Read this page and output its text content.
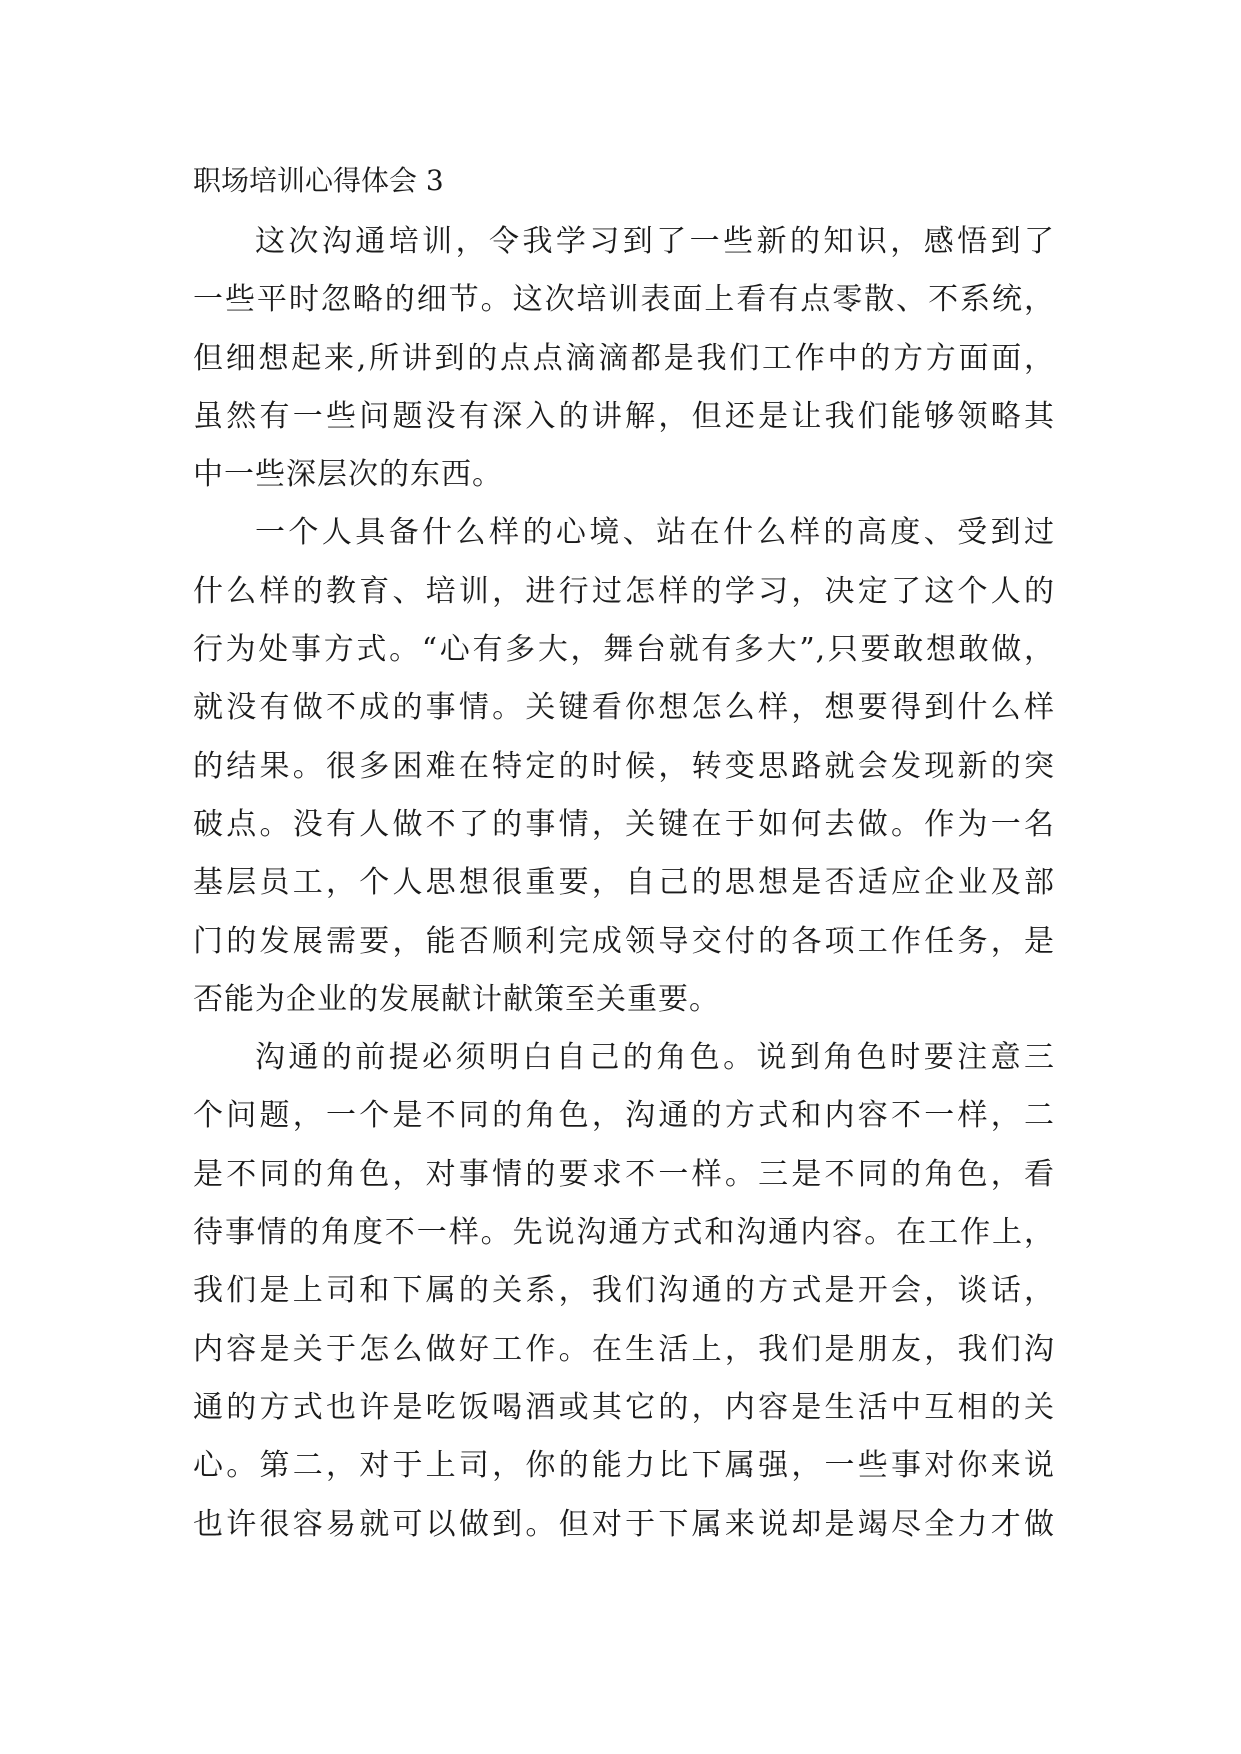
职场培训心得体会 3
这次沟通培训，令我学习到了一些新的知识，感悟到了
一些平时忽略的细节。这次培训表面上看有点零散、不系统，
但细想起来,所讲到的点点滴滴都是我们工作中的方方面面，
虽然有一些问题没有深入的讲解，但还是让我们能够领略其
中一些深层次的东西。
一个人具备什么样的心境、站在什么样的高度、受到过
什么样的教育、培训，进行过怎样的学习，决定了这个人的
行为处事方式。“心有多大，舞台就有多大”,只要敢想敢做，
就没有做不成的事情。关键看你想怎么样，想要得到什么样
的结果。很多困难在特定的时候，转变思路就会发现新的突
破点。没有人做不了的事情，关键在于如何去做。作为一名
基层员工，个人思想很重要，自己的思想是否适应企业及部
门的发展需要，能否顺利完成领导交付的各项工作任务，是
否能为企业的发展献计献策至关重要。
沟通的前提必须明白自己的角色。说到角色时要注意三
个问题，一个是不同的角色，沟通的方式和内容不一样，二
是不同的角色，对事情的要求不一样。三是不同的角色，看
待事情的角度不一样。先说沟通方式和沟通内容。在工作上，
我们是上司和下属的关系，我们沟通的方式是开会，谈话，
内容是关于怎么做好工作。在生活上，我们是朋友，我们沟
通的方式也许是吃饭喝酒或其它的，内容是生活中互相的关
心。第二，对于上司，你的能力比下属强，一些事对你来说
也许很容易就可以做到。但对于下属来说却是竭尽全力才做
